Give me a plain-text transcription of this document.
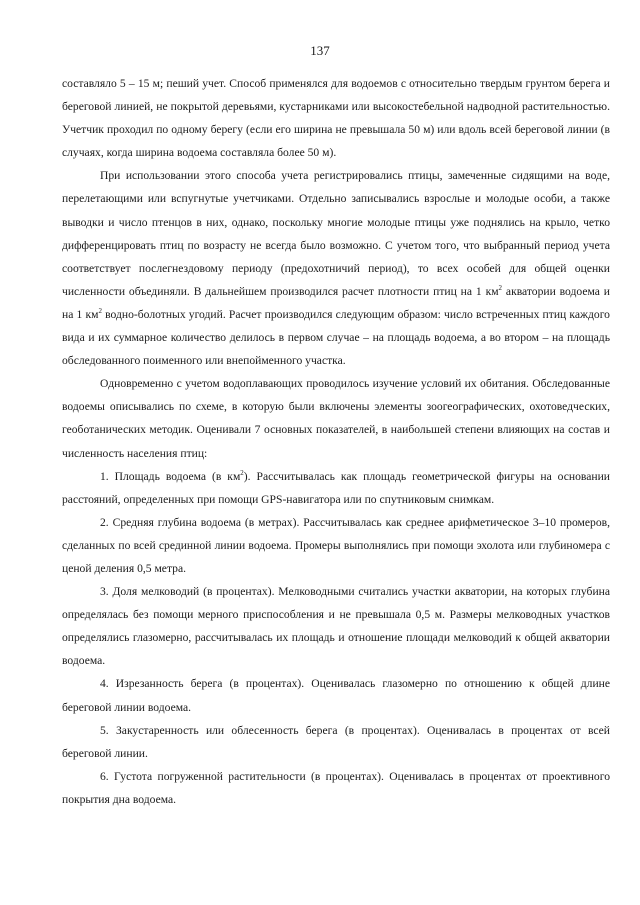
137

составляло 5 – 15 м; пеший учет. Способ применялся для водоемов с относительно твердым грунтом берега и береговой линией, не покрытой деревьями, кустарниками или высокостебельной надводной растительностью. Учетчик проходил по одному берегу (если его ширина не превышала 50 м) или вдоль всей береговой линии (в случаях, когда ширина водоема составляла более 50 м).

При использовании этого способа учета регистрировались птицы, замеченные сидящими на воде, перелетающими или вспугнутые учетчиками. Отдельно записывались взрослые и молодые особи, а также выводки и число птенцов в них, однако, поскольку многие молодые птицы уже поднялись на крыло, четко дифференцировать птиц по возрасту не всегда было возможно. С учетом того, что выбранный период учета соответствует послегнездовому периоду (предохотничий период), то всех особей для общей оценки численности объединяли. В дальнейшем производился расчет плотности птиц на 1 $км^2$ акватории водоема и на 1 $км^2$ водно-болотных угодий. Расчет производился следующим образом: число встреченных птиц каждого вида и их суммарное количество делилось в первом случае – на площадь водоема, а во втором – на площадь обследованного поименного или внепойменного участка.

Одновременно с учетом водоплавающих проводилось изучение условий их обитания. Обследованные водоемы описывались по схеме, в которую были включены элементы зоогеографических, охотоведческих, геоботанических методик. Оценивали 7 основных показателей, в наибольшей степени влияющих на состав и численность населения птиц:

1. Площадь водоема (в $км^2$). Рассчитывалась как площадь геометрической фигуры на основании расстояний, определенных при помощи GPS-навигатора или по спутниковым снимкам.

2. Средняя глубина водоема (в метрах). Рассчитывалась как среднее арифметическое 3–10 промеров, сделанных по всей срединной линии водоема. Промеры выполнялись при помощи эхолота или глубиномера с ценой деления 0,5 метра.

3. Доля мелководий (в процентах). Мелководными считались участки акватории, на которых глубина определялась без помощи мерного приспособления и не превышала 0,5 м. Размеры мелководных участков определялись глазомерно, рассчитывалась их площадь и отношение площади мелководий к общей акватории водоема.

4. Изрезанность берега (в процентах). Оценивалась глазомерно по отношению к общей длине береговой линии водоема.

5. Закустаренность или облесенность берега (в процентах). Оценивалась в процентах от всей береговой линии.

6. Густота погруженной растительности (в процентах). Оценивалась в процентах от проективного покрытия дна водоема.
